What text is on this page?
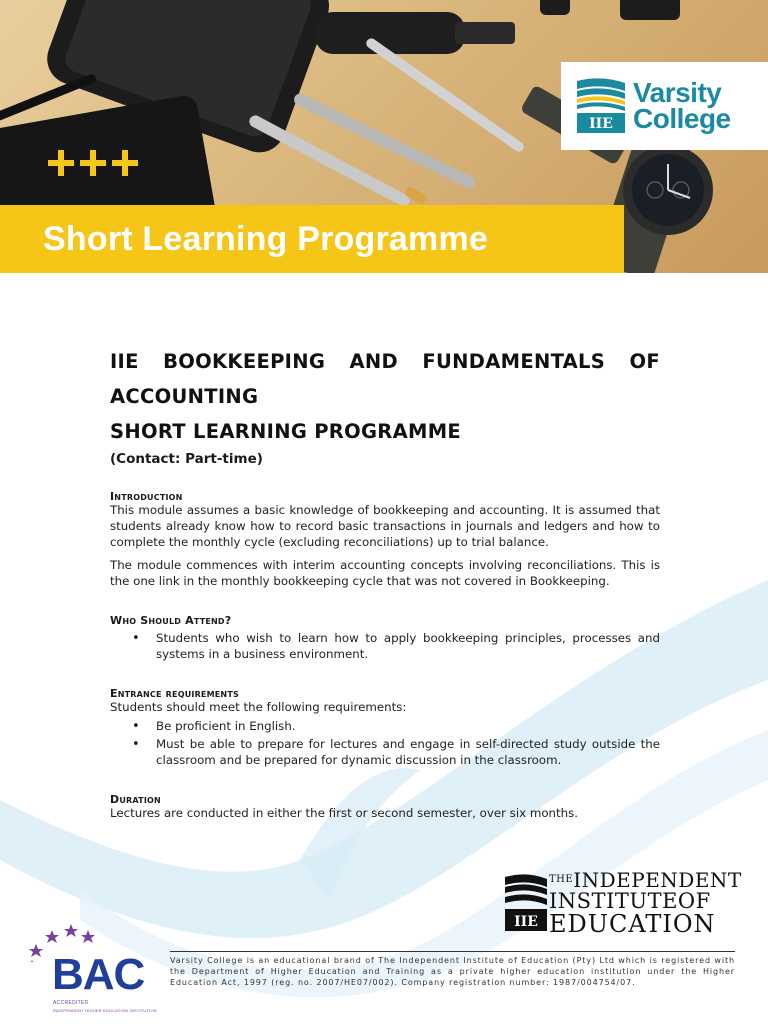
Short Learning Programme
IIE
Varsity
College
IIE BOOKKEEPING AND FUNDAMENTALS OF
ACCOUNTING
SHORT LEARNING PROGRAMME
(Contact: Part-time)
Introduction

This module assumes a basic knowledge of bookkeeping and accounting. It is assumed that students already know how to record basic transactions in journals and ledgers and how to complete the monthly cycle (excluding reconciliations) up to trial balance.

The module commences with interim accounting concepts involving reconciliations. This is the one link in the monthly bookkeeping cycle that was not covered in Bookkeeping.

Who Should Attend?
• Students who wish to learn how to apply bookkeeping principles, processes and systems in a business environment.
Entrance requirements

Students should meet the following requirements:

• Be proficient in English.
• Must be able to prepare for lectures and engage in self-directed study outside the classroom and be prepared for dynamic discussion in the classroom.
Duration

Lectures are conducted in either the first or second semester, over six months.

IIE
$^{THE}$INDEPENDENT
INSTITUTEOF
EDUCATION

Varsity College is an educational brand of The Independent Institute of Education (Pty) Ltd which is registered with the Department of Higher Education and Training as a private higher education institution under the Higher Education Act, 1997 (reg. no. 2007/HE07/002). Company registration number: 1987/004754/07.

BAC
ACCREDITED
INDEPENDENT HIGHER EDUCATION INSTITUTION
